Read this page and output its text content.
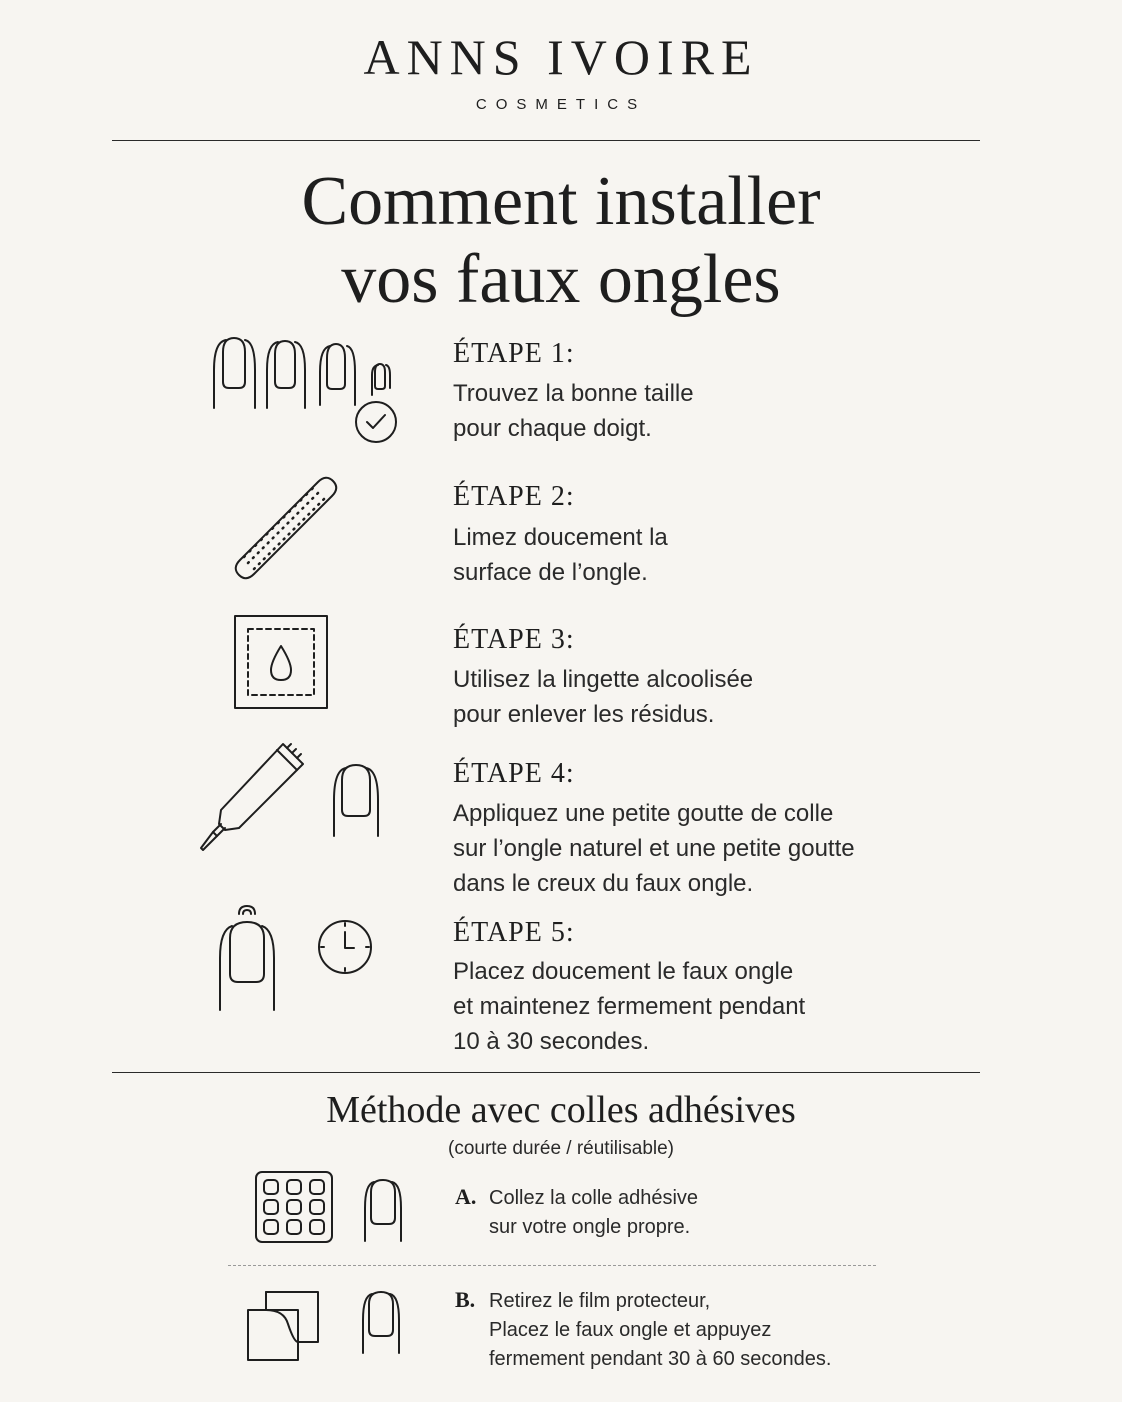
ANNS IVOIRE
COSMETICS
Comment installer
vos faux ongles
ÉTAPE 1:
Trouvez la bonne taille
pour chaque doigt.
ÉTAPE 2:
Limez doucement la
surface de l’ongle.
ÉTAPE 3:
Utilisez la lingette alcoolisée
pour enlever les résidus.
ÉTAPE 4:
Appliquez une petite goutte de colle
sur l’ongle naturel et une petite goutte
dans le creux du faux ongle.
ÉTAPE 5:
Placez doucement le faux ongle
et maintenez fermement pendant
10 à 30 secondes.
Méthode avec colles adhésives
(courte durée / réutilisable)
A. Collez la colle adhésive
sur votre ongle propre.
B. Retirez le film protecteur,
Placez le faux ongle et appuyez
fermement pendant 30 à 60 secondes.
